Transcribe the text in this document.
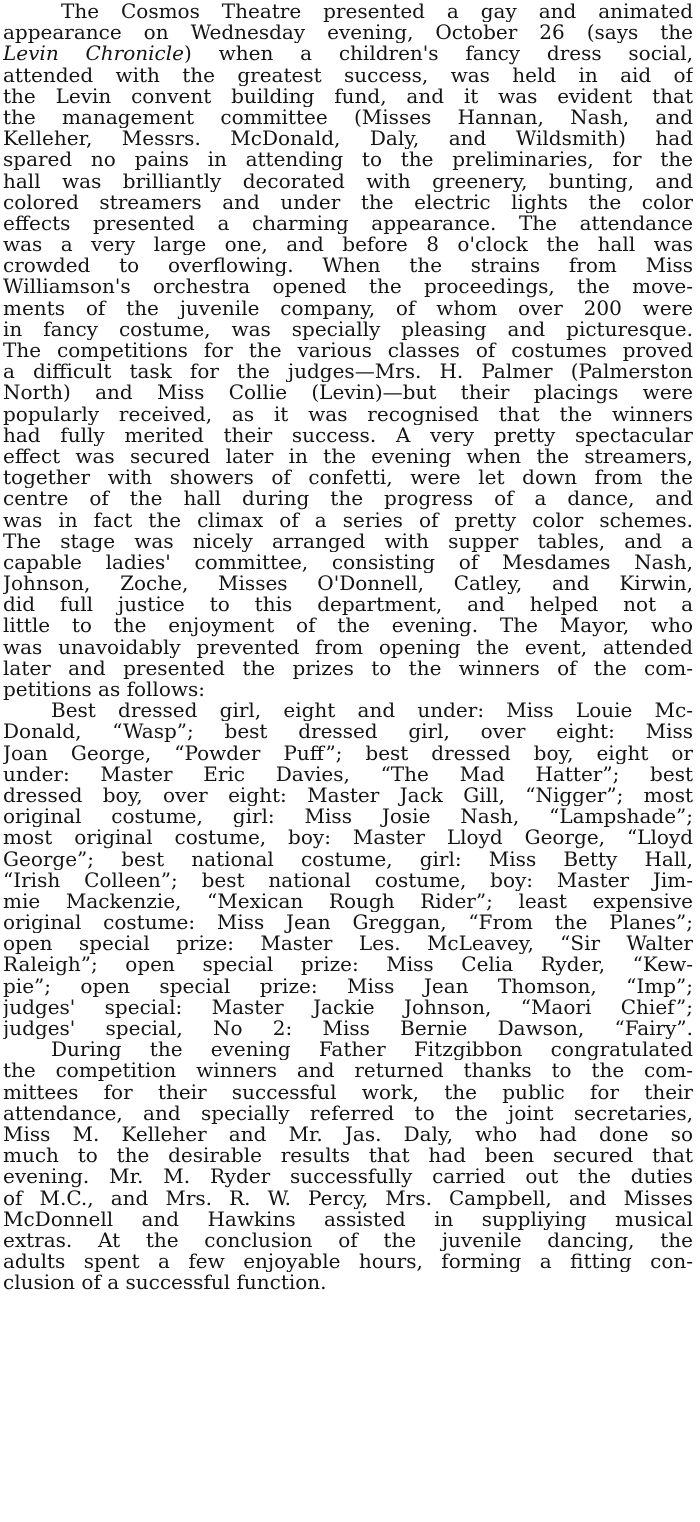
The Cosmos Theatre presented a gay and animated
appearance on Wednesday evening, October 26 (says the
Levin Chronicle) when a children's fancy dress social,
attended with the greatest success, was held in aid of
the Levin convent building fund, and it was evident that
the management committee (Misses Hannan, Nash, and
Kelleher, Messrs. McDonald, Daly, and Wildsmith) had
spared no pains in attending to the preliminaries, for the
hall was brilliantly decorated with greenery, bunting, and
colored streamers and under the electric lights the color
effects presented a charming appearance. The attendance
was a very large one, and before 8 o'clock the hall was
crowded to overflowing. When the strains from Miss
Williamson's orchestra opened the proceedings, the move-
ments of the juvenile company, of whom over 200 were
in fancy costume, was specially pleasing and picturesque.
The competitions for the various classes of costumes proved
a difficult task for the judges—Mrs. H. Palmer (Palmerston
North) and Miss Collie (Levin)—but their placings were
popularly received, as it was recognised that the winners
had fully merited their success. A very pretty spectacular
effect was secured later in the evening when the streamers,
together with showers of confetti, were let down from the
centre of the hall during the progress of a dance, and
was in fact the climax of a series of pretty color schemes.
The stage was nicely arranged with supper tables, and a
capable ladies' committee, consisting of Mesdames Nash,
Johnson, Zoche, Misses O'Donnell, Catley, and Kirwin,
did full justice to this department, and helped not a
little to the enjoyment of the evening. The Mayor, who
was unavoidably prevented from opening the event, attended
later and presented the prizes to the winners of the com-
petitions as follows:
Best dressed girl, eight and under: Miss Louie Mc-
Donald, “Wasp”; best dressed girl, over eight: Miss
Joan George, “Powder Puff”; best dressed boy, eight or
under: Master Eric Davies, “The Mad Hatter”; best
dressed boy, over eight: Master Jack Gill, “Nigger”; most
original costume, girl: Miss Josie Nash, “Lampshade”;
most original costume, boy: Master Lloyd George, “Lloyd
George”; best national costume, girl: Miss Betty Hall,
“Irish Colleen”; best national costume, boy: Master Jim-
mie Mackenzie, “Mexican Rough Rider”; least expensive
original costume: Miss Jean Greggan, “From the Planes”;
open special prize: Master Les. McLeavey, “Sir Walter
Raleigh”; open special prize: Miss Celia Ryder, “Kew-
pie”; open special prize: Miss Jean Thomson, “Imp”;
judges' special: Master Jackie Johnson, “Maori Chief”;
judges' special, No 2: Miss Bernie Dawson, “Fairy”.
During the evening Father Fitzgibbon congratulated
the competition winners and returned thanks to the com-
mittees for their successful work, the public for their
attendance, and specially referred to the joint secretaries,
Miss M. Kelleher and Mr. Jas. Daly, who had done so
much to the desirable results that had been secured that
evening. Mr. M. Ryder successfully carried out the duties
of M.C., and Mrs. R. W. Percy, Mrs. Campbell, and Misses
McDonnell and Hawkins assisted in suppliying musical
extras. At the conclusion of the juvenile dancing, the
adults spent a few enjoyable hours, forming a fitting con-
clusion of a successful function.
